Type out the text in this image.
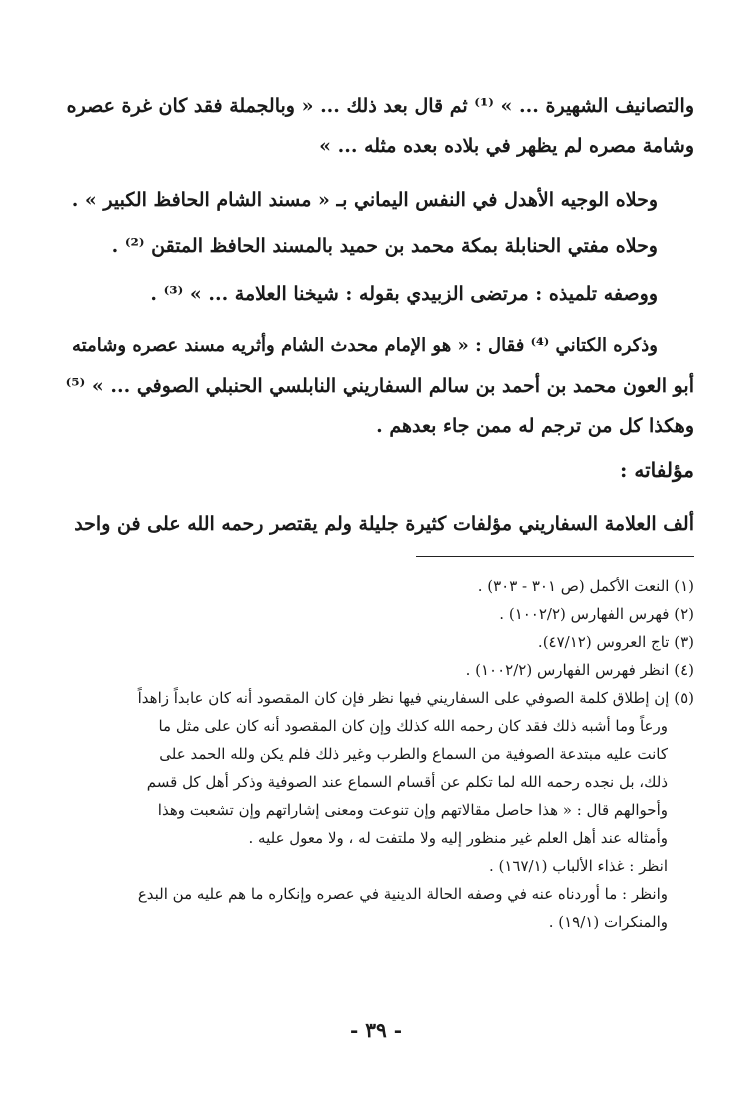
والتصانيف الشهيرة ... » ⁽¹⁾ ثم قال بعد ذلك ... « وبالجملة فقد كان غرة عصره
وشامة مصره لم يظهر في بلاده بعده مثله ... »
وحلاه الوجيه الأهدل في النفس اليماني بـ « مسند الشام الحافظ الكبير » .
وحلاه مفتي الحنابلة بمكة محمد بن حميد بالمسند الحافظ المتقن ⁽²⁾ .
ووصفه تلميذه : مرتضى الزبيدي بقوله : شيخنا العلامة ... » ⁽³⁾ .
وذكره الكتاني ⁽⁴⁾ فقال : « هو الإمام محدث الشام وأثريه مسند عصره وشامته
أبو العون محمد بن أحمد بن سالم السفاريني النابلسي الحنبلي الصوفي ... » ⁽⁵⁾
وهكذا كل من ترجم له ممن جاء بعدهم .
مؤلفاته :
ألف العلامة السفاريني مؤلفات كثيرة جليلة ولم يقتصر رحمه الله على فن واحد
(١) النعت الأكمل (ص ٣٠١ - ٣٠٣) .
(٢) فهرس الفهارس (١٠٠٢/٢) .
(٣) تاج العروس (٤٧/١٢).
(٤) انظر فهرس الفهارس (١٠٠٢/٢) .
(٥) إن إطلاق كلمة الصوفي على السفاريني فيها نظر فإن كان المقصود أنه كان عابداً زاهداً
ورعاً وما أشبه ذلك فقد كان رحمه الله كذلك وإن كان المقصود أنه كان على مثل ما
كانت عليه مبتدعة الصوفية من السماع والطرب وغير ذلك فلم يكن ولله الحمد على
ذلك، بل نجده رحمه الله لما تكلم عن أقسام السماع عند الصوفية وذكر أهل كل قسم
وأحوالهم قال : « هذا حاصل مقالاتهم وإن تنوعت ومعنى إشاراتهم وإن تشعبت وهذا
وأمثاله عند أهل العلم غير منظور إليه ولا ملتفت له ، ولا معول عليه .
انظر : غذاء الألباب (١٦٧/١) .
وانظر : ما أوردناه عنه في وصفه الحالة الدينية في عصره وإنكاره ما هم عليه من البدع
والمنكرات (١٩/١) .
- ٣٩ -
